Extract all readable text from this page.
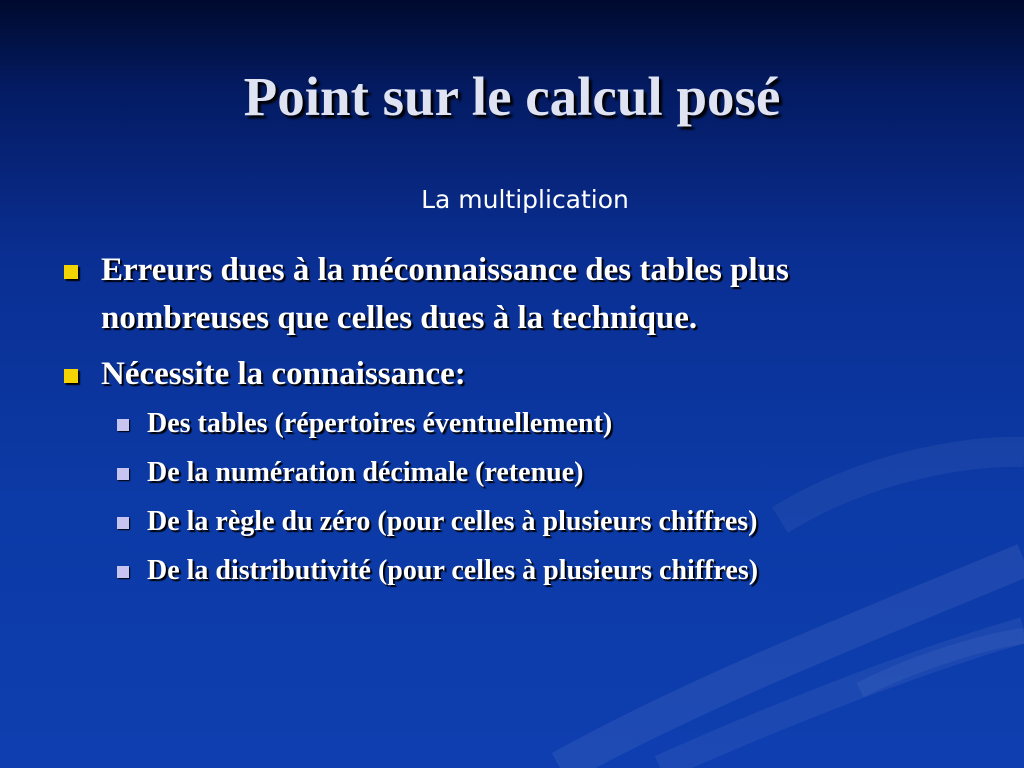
Point sur le calcul posé
La multiplication
Erreurs dues à la méconnaissance des tables plus nombreuses que celles dues à la technique.
Nécessite la connaissance:
Des tables (répertoires éventuellement)
De la numération décimale (retenue)
De la règle du zéro (pour celles à plusieurs chiffres)
De la distributivité (pour celles à plusieurs chiffres)
